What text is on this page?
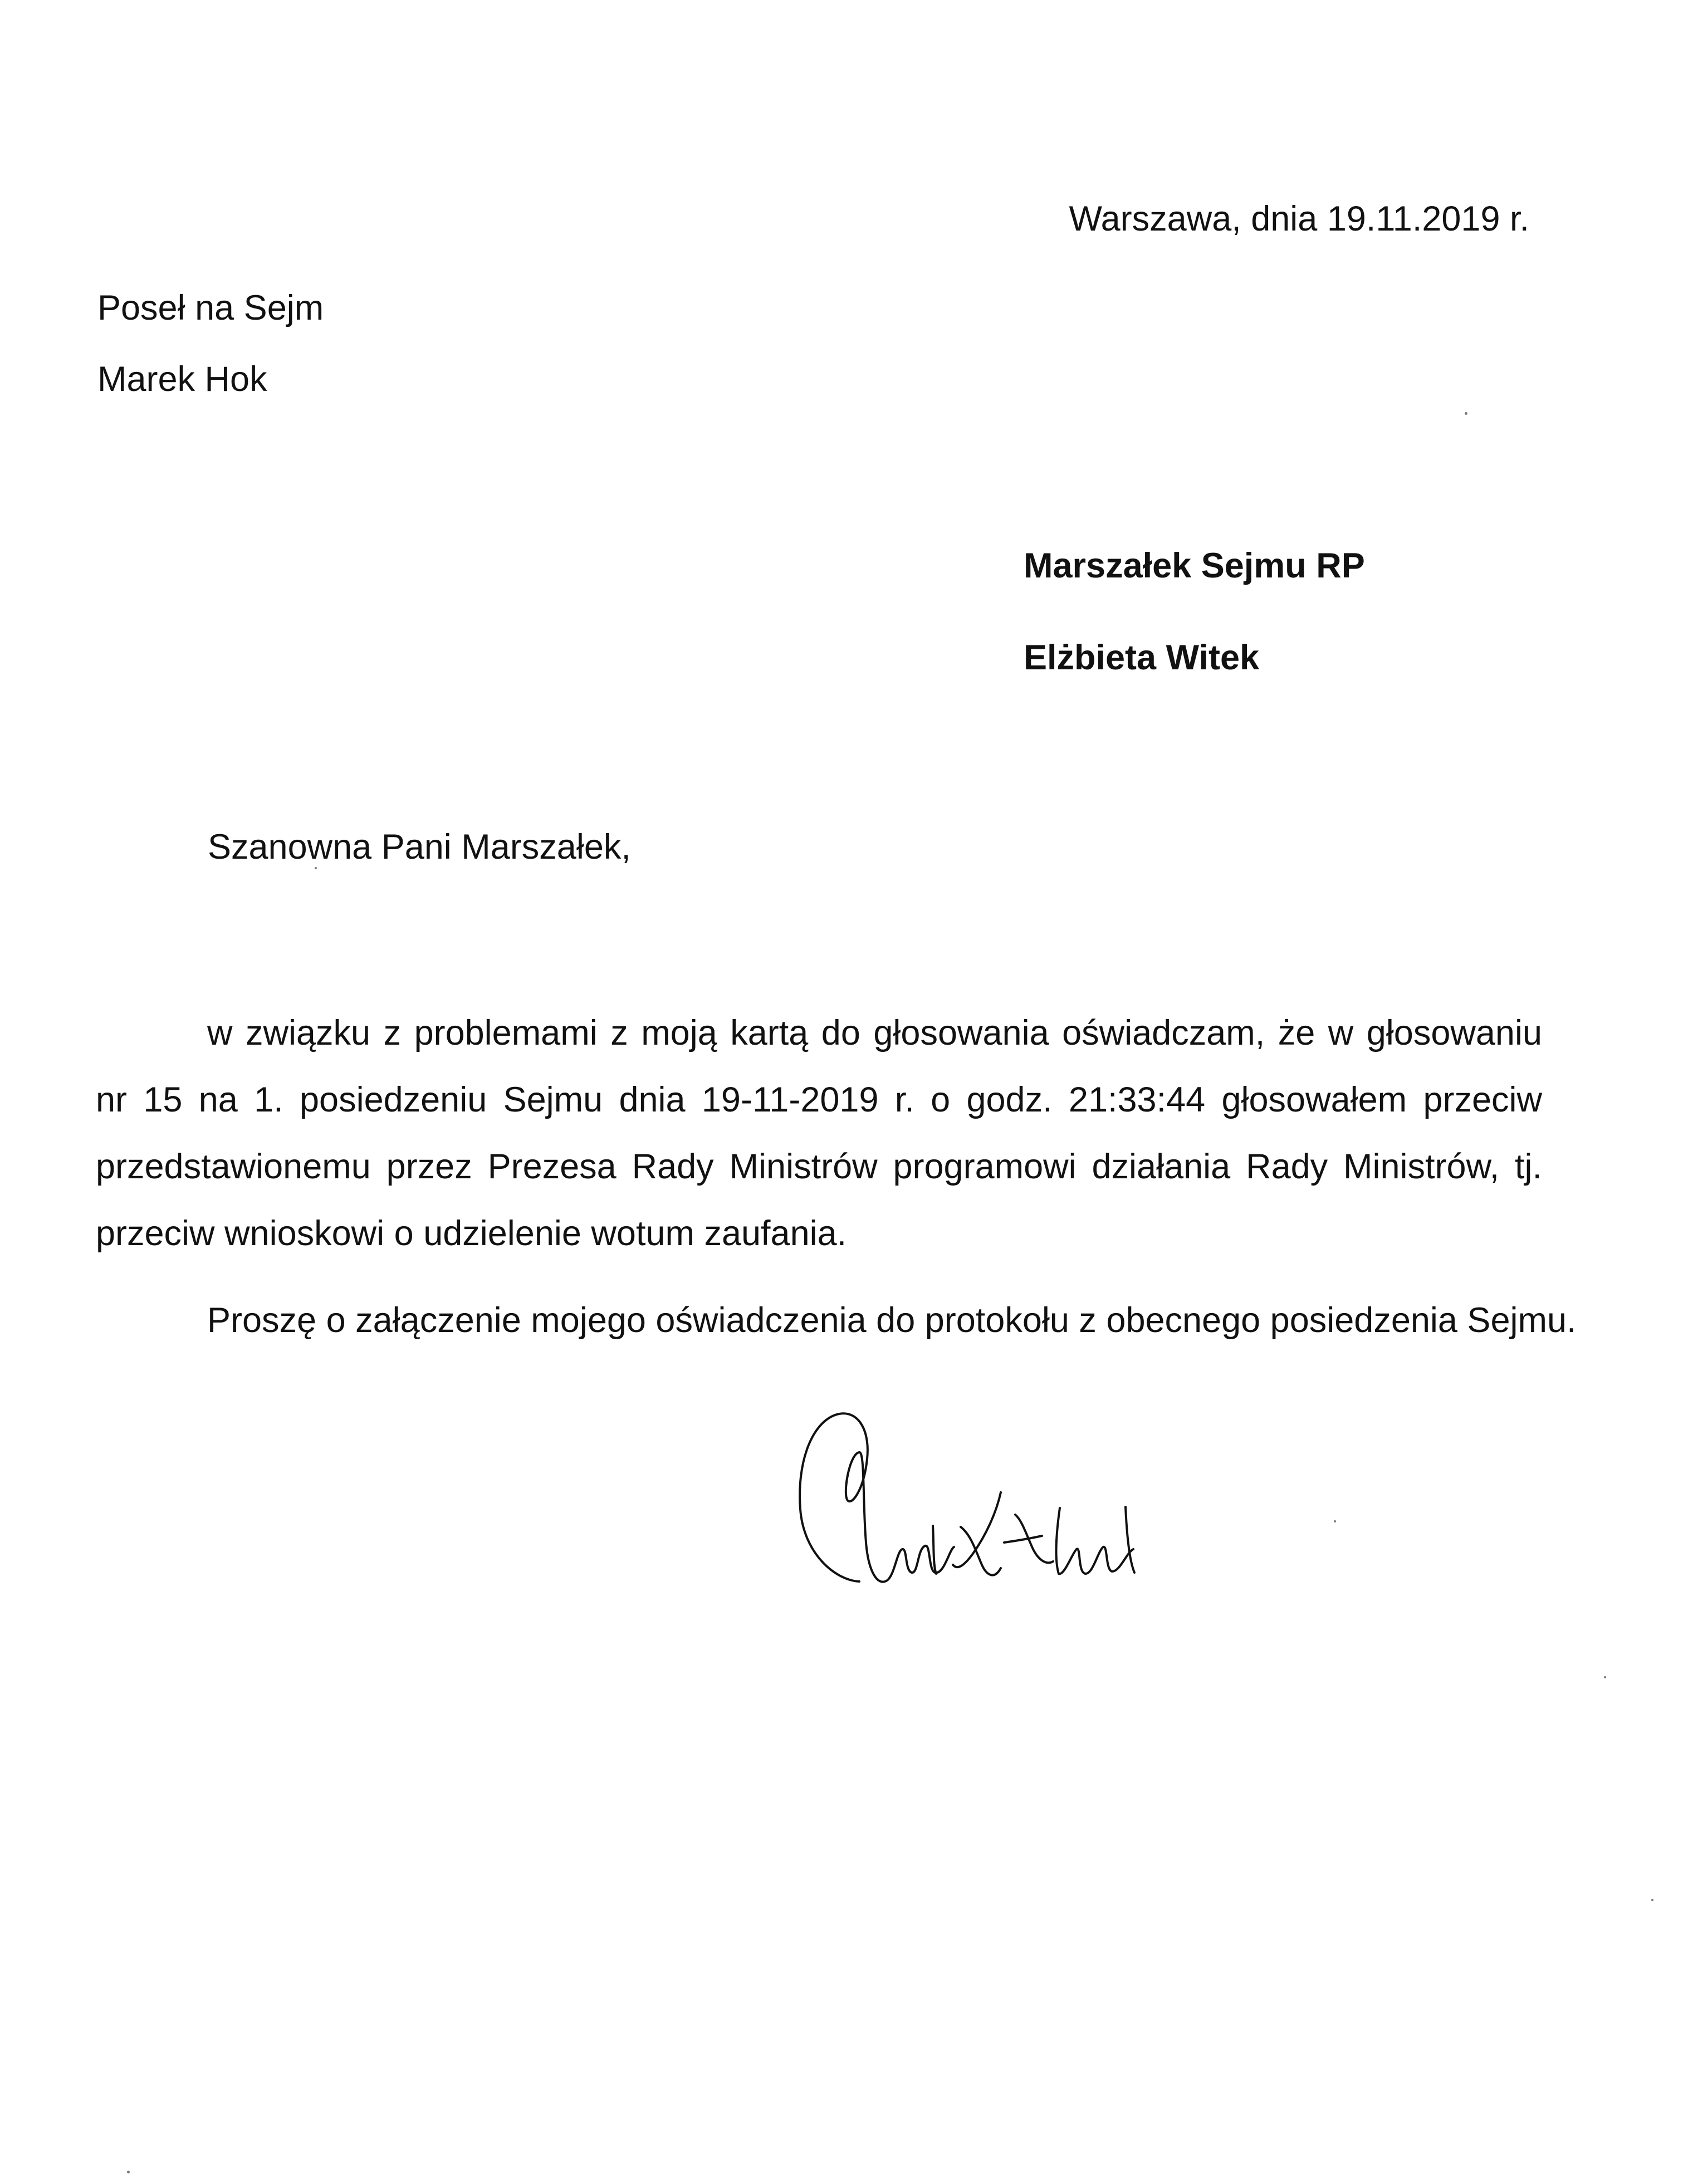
Warszawa, dnia 19.11.2019 r.
Poseł na Sejm
Marek Hok
Marszałek Sejmu RP
Elżbieta Witek
Szanowna Pani Marszałek,
w związku z problemami z moją kartą do głosowania oświadczam, że w głosowaniu
nr 15 na 1. posiedzeniu Sejmu dnia 19-11-2019 r. o godz. 21:33:44 głosowałem przeciw
przedstawionemu przez Prezesa Rady Ministrów programowi działania Rady Ministrów, tj.
przeciw wnioskowi o udzielenie wotum zaufania.
Proszę o załączenie mojego oświadczenia do protokołu z obecnego posiedzenia Sejmu.
